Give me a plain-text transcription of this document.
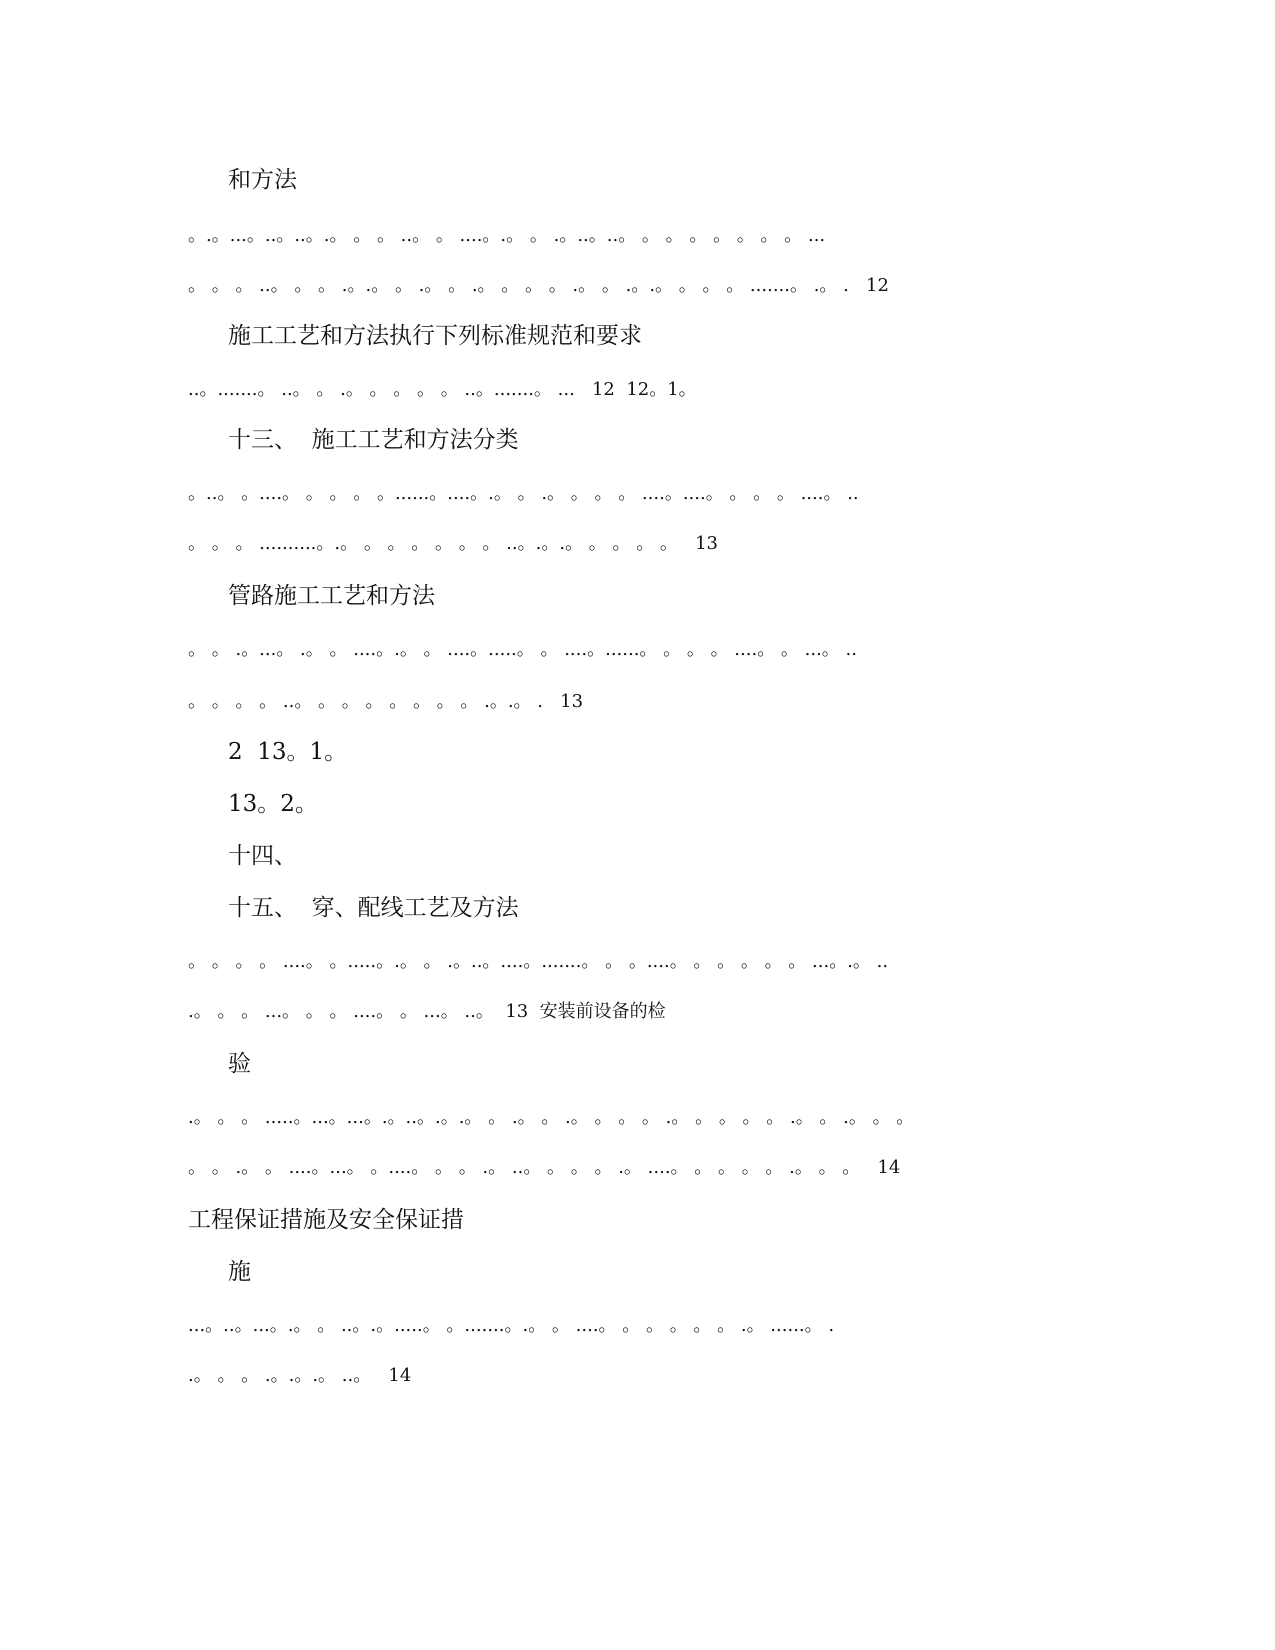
和方法
。.。...。..。..。.。 。 。 ..。 。 ....。.。 。 .。..。..。 。 。 。 。 。 。 。 ...
。 。 。 ..。 。 。 .。.。 。 .。 。 .。 。 。 。 .。 。 .。.。 。 。 。 .......。 .。 .   12
施工工艺和方法执行下列标准规范和要求
..。.......。 ..。 。 .。 。 。 。 。 ..。.......。 ...   12  12。1。
十三、  施工工艺和方法分类
。..。 。....。 。 。 。 。......。....。.。 。 .。 。 。 。 ....。....。 。 。 。 ....。 ..
。 。 。 ..........。.。 。 。 。 。 。 。 ..。.。.。 。 。 。 。   13
管路施工工艺和方法
。 。 .。...。 .。 。 ....。.。 。 ....。.....。 。 ....。......。 。 。 。 ....。 。 ...。 ..
。 。 。 。 ..。 。 。 。 。 。 。 。 .。.。 .   13
2  13。1。
13。2。
十四、
十五、  穿、配线工艺及方法
。 。 。 。 ....。 。.....。.。 。 .。..。....。.......。 。 。....。 。 。 。 。 。 ...。.。 ..
.。 。 。 ...。 。 。 ....。 。 ...。 ..。  13  安装前设备的检
验
.。 。 。 .....。...。...。.。..。.。.。 。 .。 。 .。 。 。 。 .。 。 。 。 。 .。 。 .。 。 。
。 。 .。 。 ....。...。 。....。 。 。 .。 ..。 。 。 。 .。 ....。 。 。 。 。 .。 。 。   14
工程保证措施及安全保证措
施
...。..。...。.。 。 ..。.。.....。 。.......。.。 。 ....。 。 。 。 。 。 .。 ......。 .
.。 。 。 .。.。.。 ..。   14
